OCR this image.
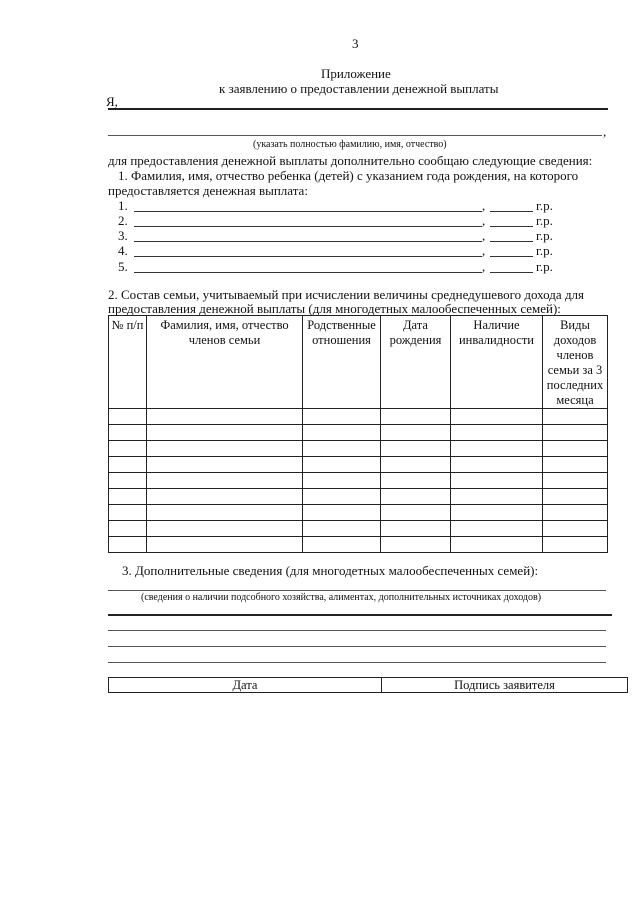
3
Приложение
к заявлению о предоставлении денежной выплаты
Я,
,
(указать полностью фамилию, имя, отчество)
для предоставления денежной выплаты дополнительно сообщаю следующие сведения:
1. Фамилия, имя, отчество ребенка (детей) с указанием года рождения, на которого
предоставляется денежная выплата:
1.	,	г.р.
2.	,	г.р.
3.	,	г.р.
4.	,	г.р.
5.	,	г.р.
2. Состав семьи, учитываемый при исчислении величины среднедушевого дохода для
предоставления денежной выплаты (для многодетных малообеспеченных семей):
№ п/п	Фамилия, имя, отчество членов семьи	Родственные отношения	Дата рождения	Наличие инвалидности	Виды доходов членов семьи за 3 последних месяца

3. Дополнительные сведения (для многодетных малообеспеченных семей):
(сведения о наличии подсобного хозяйства, алиментах, дополнительных источниках доходов)
Дата	Подпись заявителя
